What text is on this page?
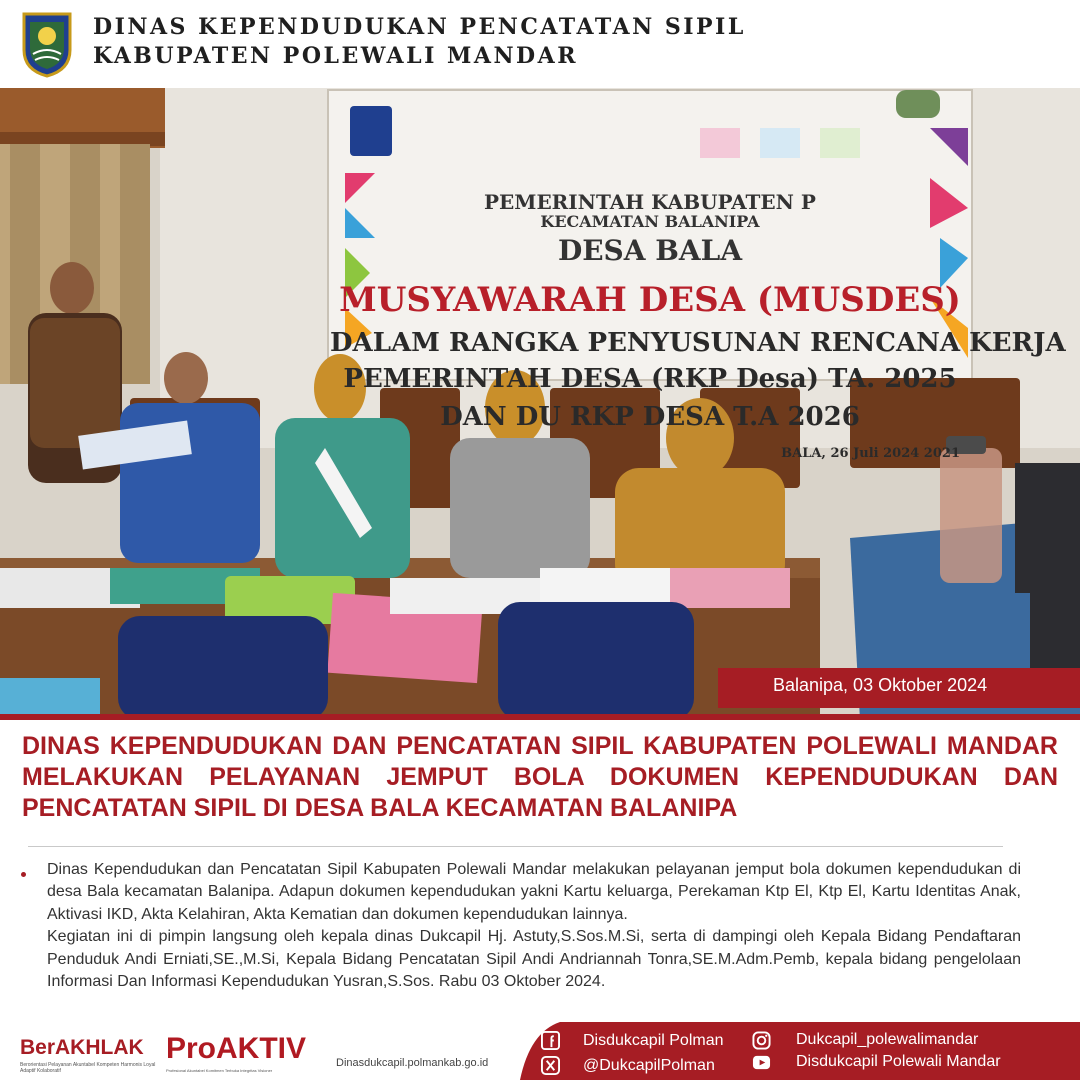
DINAS KEPENDUDUKAN PENCATATAN SIPIL
KABUPATEN POLEWALI MANDAR
PEMERINTAH KABUPATEN P
KECAMATAN BALANIPA
DESA BALA
MUSYAWARAH DESA (MUSDES)
DALAM RANGKA PENYUSUNAN RENCANA KERJA
PEMERINTAH DESA (RKP Desa) TA. 2025
DAN DU RKP DESA T.A 2026
BALA, 26 Juli 2024 2021
Balanipa, 03 Oktober 2024
DINAS KEPENDUDUKAN DAN PENCATATAN SIPIL KABUPATEN POLEWALI MANDAR
MELAKUKAN PELAYANAN JEMPUT BOLA DOKUMEN KEPENDUDUKAN DAN
PENCATATAN SIPIL DI DESA BALA KECAMATAN BALANIPA

Dinas Kependudukan dan Pencatatan Sipil Kabupaten Polewali Mandar melakukan pelayanan jemput bola dokumen kependudukan di desa Bala kecamatan Balanipa. Adapun dokumen kependudukan yakni Kartu keluarga, Perekaman Ktp El, Ktp El, Kartu Identitas Anak, Aktivasi IKD, Akta Kelahiran, Akta Kematian dan dokumen kependudukan lainnya.

Kegiatan ini di pimpin langsung oleh kepala dinas Dukcapil Hj. Astuty,S.Sos.M.Si, serta di dampingi oleh Kepala Bidang Pendaftaran Penduduk Andi Erniati,SE.,M.Si, Kepala Bidang Pencatatan Sipil Andi Andriannah Tonra,SE.M.Adm.Pemb, kepala bidang pengelolaan Informasi Dan Informasi Kependudukan Yusran,S.Sos. Rabu 03 Oktober 2024.

BerAKHLAK
Berorientasi Pelayanan Akuntabel Kompeten Harmonis Loyal Adaptif Kolaboratif
ProAKTIV
Profesional Akuntabel Komitmen Terbuka Integritas Visioner
Dinasdukcapil.polmankab.go.id
Disdukcapil Polman
@DukcapilPolman
Dukcapil_polewalimandar
Disdukcapil Polewali Mandar
